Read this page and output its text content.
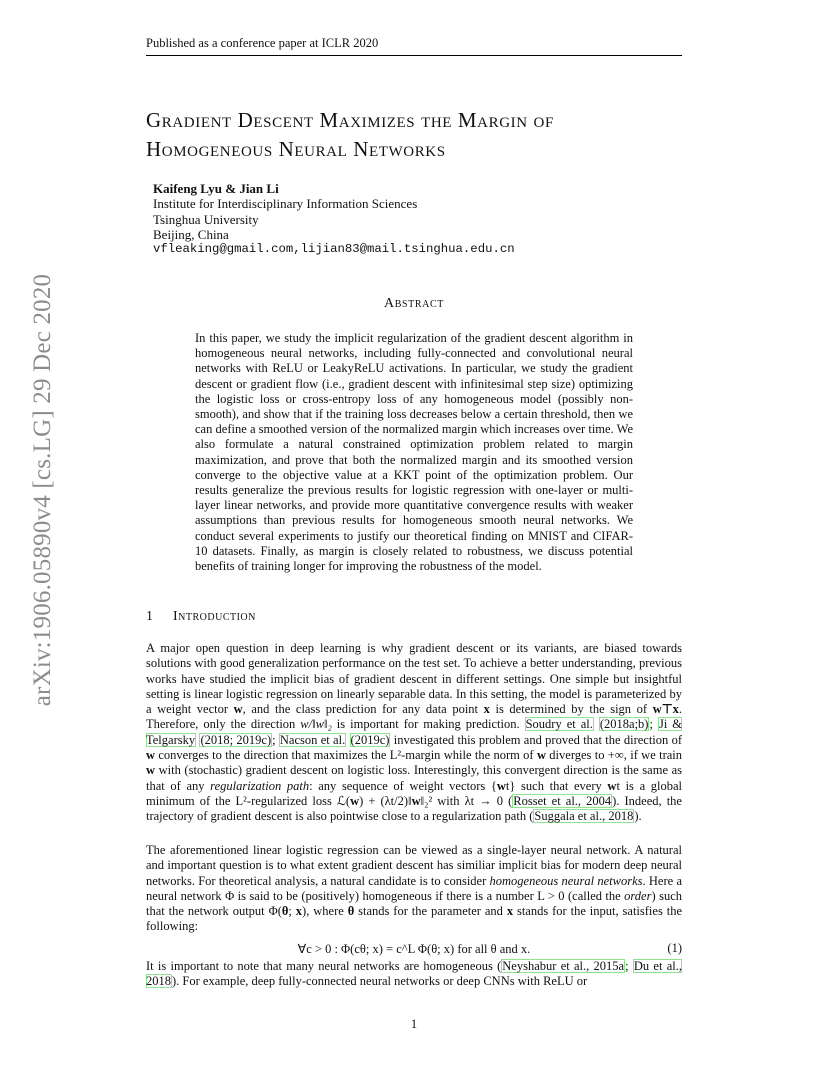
Published as a conference paper at ICLR 2020
arXiv:1906.05890v4 [cs.LG] 29 Dec 2020
Gradient Descent Maximizes the Margin of
Homogeneous Neural Networks
Kaifeng Lyu & Jian Li
Institute for Interdisciplinary Information Sciences
Tsinghua University
Beijing, China
vfleaking@gmail.com,lijian83@mail.tsinghua.edu.cn
Abstract
In this paper, we study the implicit regularization of the gradient descent algorithm in homogeneous neural networks, including fully-connected and convolutional neural networks with ReLU or LeakyReLU activations. In particular, we study the gradient descent or gradient flow (i.e., gradient descent with infinitesimal step size) optimizing the logistic loss or cross-entropy loss of any homogeneous model (possibly non-smooth), and show that if the training loss decreases below a certain threshold, then we can define a smoothed version of the normalized margin which increases over time. We also formulate a natural constrained optimization problem related to margin maximization, and prove that both the normalized margin and its smoothed version converge to the objective value at a KKT point of the optimization problem. Our results generalize the previous results for logistic regression with one-layer or multi-layer linear networks, and provide more quantitative convergence results with weaker assumptions than previous results for homogeneous smooth neural networks. We conduct several experiments to justify our theoretical finding on MNIST and CIFAR-10 datasets. Finally, as margin is closely related to robustness, we discuss potential benefits of training longer for improving the robustness of the model.
1 Introduction
A major open question in deep learning is why gradient descent or its variants, are biased towards solutions with good generalization performance on the test set. To achieve a better understanding, previous works have studied the implicit bias of gradient descent in different settings. One simple but insightful setting is linear logistic regression on linearly separable data. In this setting, the model is parameterized by a weight vector w, and the class prediction for any data point x is determined by the sign of w⊤x. Therefore, only the direction w/‖w‖₂ is important for making prediction. Soudry et al. (2018a;b); Ji & Telgarsky (2018; 2019c); Nacson et al. (2019c) investigated this problem and proved that the direction of w converges to the direction that maximizes the L²-margin while the norm of w diverges to +∞, if we train w with (stochastic) gradient descent on logistic loss. Interestingly, this convergent direction is the same as that of any regularization path: any sequence of weight vectors {wt} such that every wt is a global minimum of the L²-regularized loss ℒ(w) + (λt/2)‖w‖₂² with λt → 0 (Rosset et al., 2004). Indeed, the trajectory of gradient descent is also pointwise close to a regularization path (Suggala et al., 2018).
The aforementioned linear logistic regression can be viewed as a single-layer neural network. A natural and important question is to what extent gradient descent has similiar implicit bias for modern deep neural networks. For theoretical analysis, a natural candidate is to consider homogeneous neural networks. Here a neural network Φ is said to be (positively) homogeneous if there is a number L > 0 (called the order) such that the network output Φ(θ; x), where θ stands for the parameter and x stands for the input, satisfies the following:
∀c > 0 : Φ(cθ; x) = c^L Φ(θ; x) for all θ and x.	(1)
It is important to note that many neural networks are homogeneous (Neyshabur et al., 2015a; Du et al., 2018). For example, deep fully-connected neural networks or deep CNNs with ReLU or
1
